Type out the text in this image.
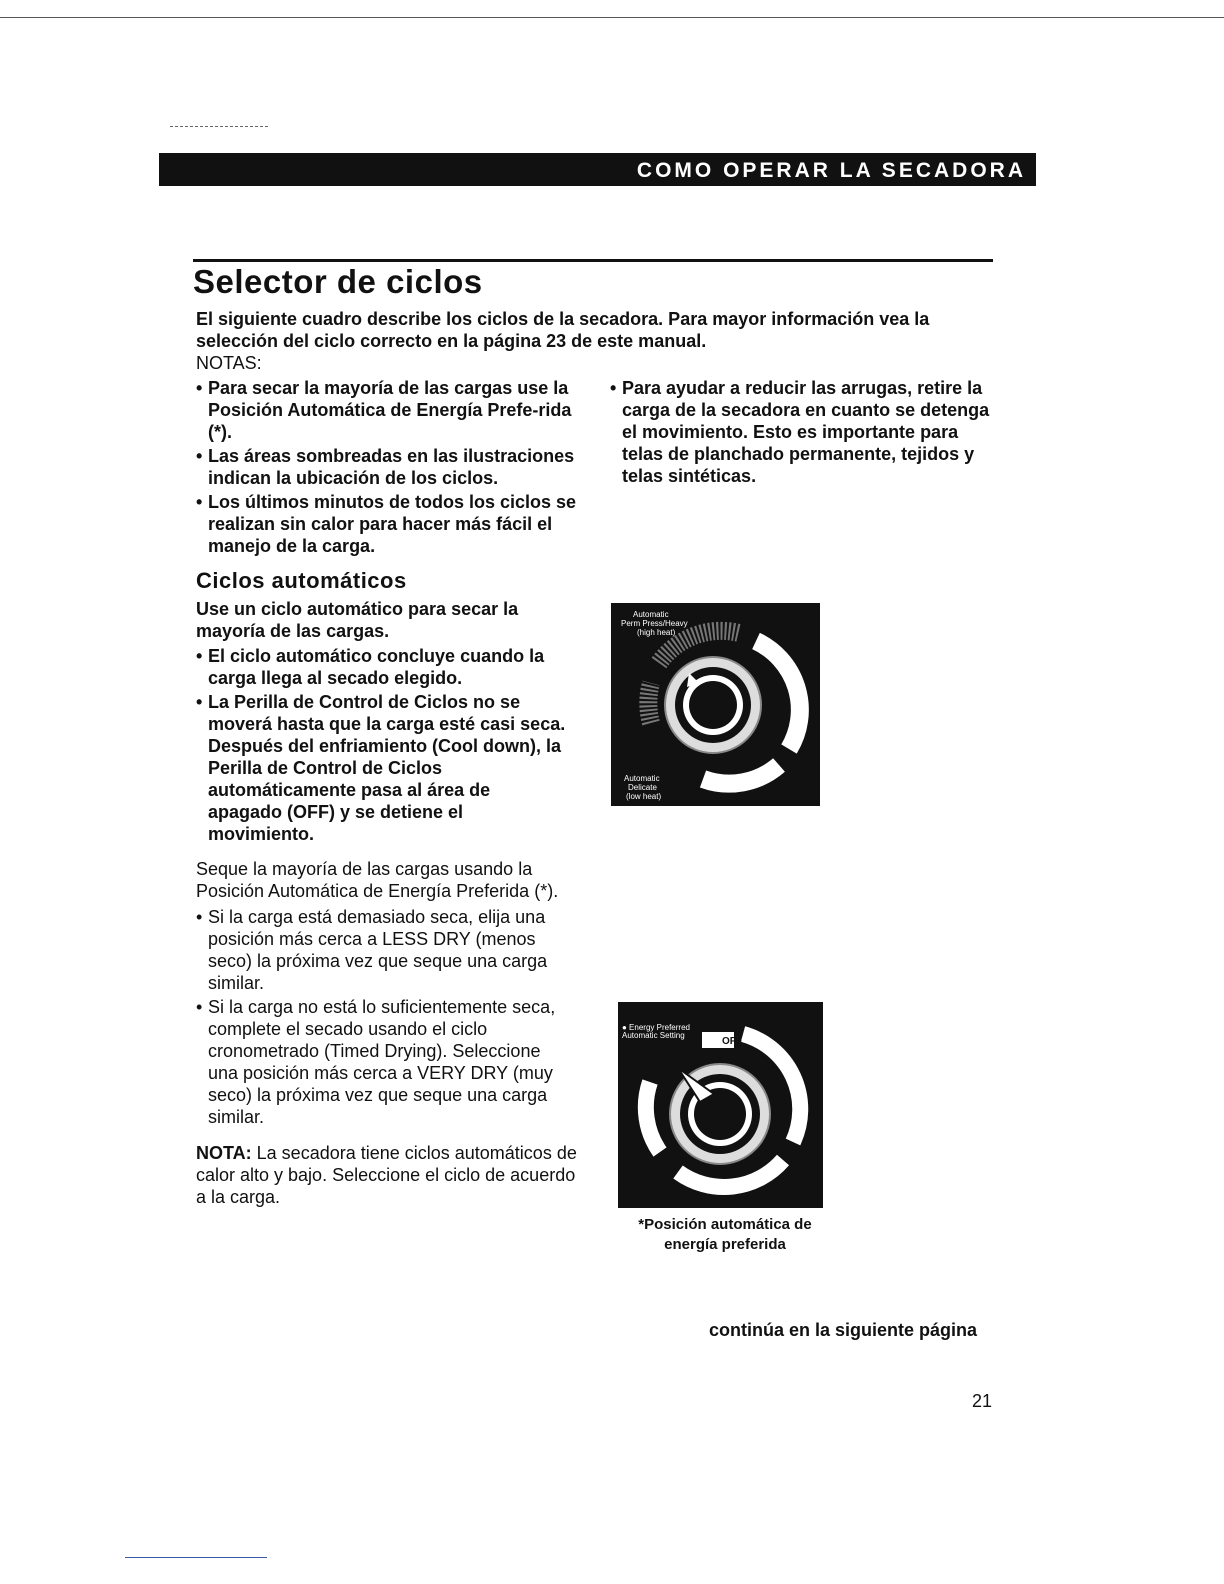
COMO OPERAR LA SECADORA
Selector de ciclos
El siguiente cuadro describe los ciclos de la secadora. Para mayor información vea la selección del ciclo correcto en la página 23 de este manual.
NOTAS:
• Para secar la mayoría de las cargas use la Posición Automática de Energía Prefe-rida (*).
• Las áreas sombreadas en las ilustraciones indican la ubicación de los ciclos.
• Los últimos minutos de todos los ciclos se realizan sin calor para hacer más fácil el manejo de la carga.
• Para ayudar a reducir las arrugas, retire la carga de la secadora en cuanto se detenga el movimiento. Esto es importante para telas de planchado permanente, tejidos y telas sintéticas.
Ciclos automáticos
Use un ciclo automático para secar la mayoría de las cargas.
• El ciclo automático concluye cuando la carga llega al secado elegido.
• La Perilla de Control de Ciclos no se moverá hasta que la carga esté casi seca. Después del enfriamiento (Cool down), la Perilla de Control de Ciclos automáticamente pasa al área de apagado (OFF) y se detiene el movimiento.
Seque la mayoría de las cargas usando la Posición Automática de Energía Preferida (*).
• Si la carga está demasiado seca, elija una posición más cerca a LESS DRY (menos seco) la próxima vez que seque una carga similar.
• Si la carga no está lo suficientemente seca, complete el secado usando el ciclo cronometrado (Timed Drying). Seleccione una posición más cerca a VERY DRY (muy seco) la próxima vez que seque una carga similar.
NOTA: La secadora tiene ciclos automáticos de calor alto y bajo. Seleccione el ciclo de acuerdo a la carga.
Automatic
Perm Press/Heavy
(high heat)
Automatic
Delicate
(low heat)
OFF
● Energy Preferred
Automatic Setting
*Posición automática de
energía preferida
continúa en la siguiente página
21
